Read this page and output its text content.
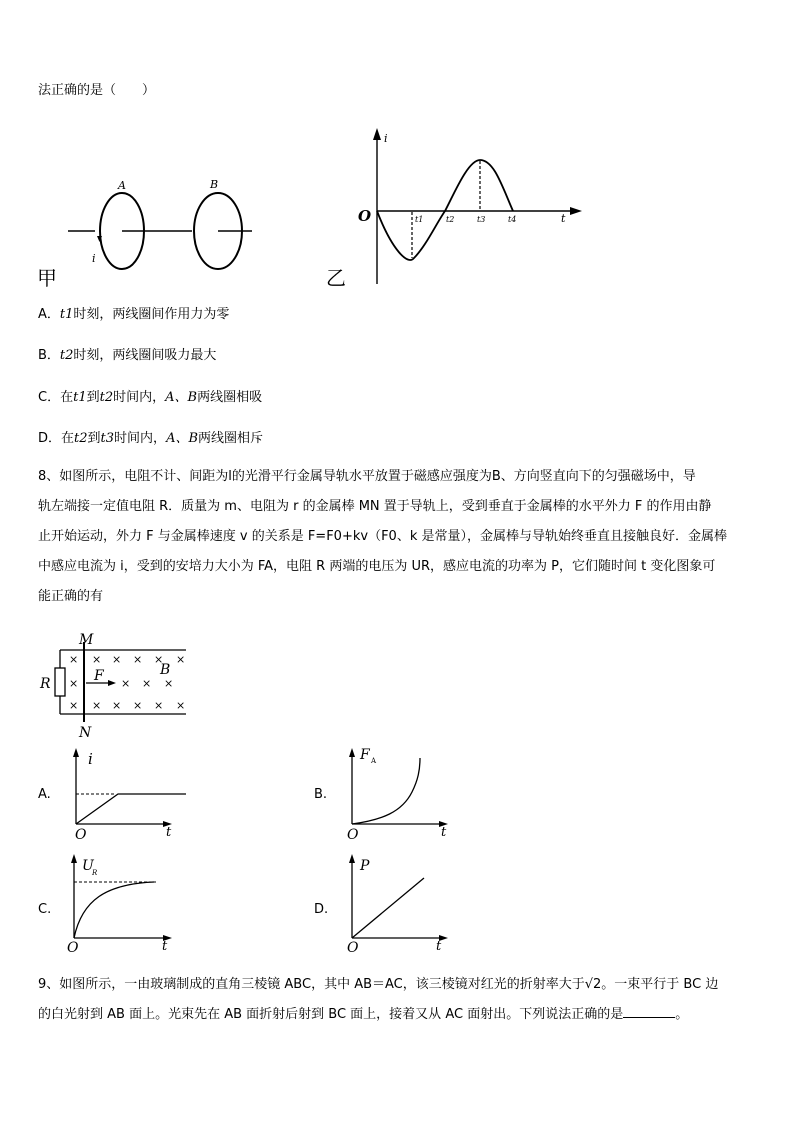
法正确的是（　　）
A	B
i
甲
i
t
O	t1	t2	t3	t4
乙
A．t1时刻，两线圈间作用力为零
B．t2时刻，两线圈间吸力最大
C．在t1到t2时间内，A、B两线圈相吸
D．在t2到t3时间内，A、B两线圈相斥
8、如图所示，电阻不计、间距为l的光滑平行金属导轨水平放置于磁感应强度为B、方向竖直向下的匀强磁场中，导
轨左端接一定值电阻 R．质量为 m、电阻为 r 的金属棒 MN 置于导轨上，受到垂直于金属棒的水平外力 F 的作用由静
止开始运动，外力 F 与金属棒速度 v 的关系是 F=F0+kv（F0、k 是常量），金属棒与导轨始终垂直且接触良好．金属棒
中感应电流为 i，受到的安培力大小为 FA，电阻 R 两端的电压为 UR，感应电流的功率为 P，它们随时间 t 变化图象可
能正确的有
M
N
R	F	B
×
×
×
× × × × ×
× × ×
× × × × ×
A.
i
t
O
B.
F A
t
O
C.
U
R
t
O
D.
P
t
O
9、如图所示，一由玻璃制成的直角三棱镜 ABC，其中 AB＝AC，该三棱镜对红光的折射率大于√2。一束平行于 BC 边
的白光射到 AB 面上。光束先在 AB 面折射后射到 BC 面上，接着又从 AC 面射出。下列说法正确的是	。
